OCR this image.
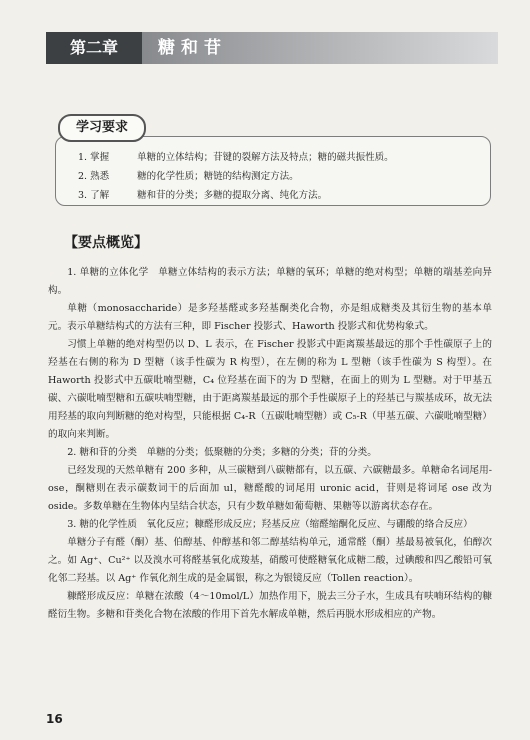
第二章	糖和苷
学习要求
1. 掌握	单糖的立体结构；苷键的裂解方法及特点；糖的磁共振性质。
2. 熟悉	糖的化学性质；糖链的结构测定方法。
3. 了解	糖和苷的分类；多糖的提取分离、纯化方法。
【要点概览】

1. 单糖的立体化学　单糖立体结构的表示方法；单糖的氧环；单糖的绝对构型；单糖的端基差向异构。

单糖（monosaccharide）是多羟基醛或多羟基酮类化合物，亦是组成糖类及其衍生物的基本单元。表示单糖结构式的方法有三种，即 Fischer 投影式、Haworth 投影式和优势构象式。

习惯上单糖的绝对构型仍以 D、L 表示，在 Fischer 投影式中距离羰基最远的那个手性碳原子上的羟基在右侧的称为 D 型糖（该手性碳为 R 构型），在左侧的称为 L 型糖（该手性碳为 S 构型）。在 Haworth 投影式中五碳吡喃型糖，C₄ 位羟基在面下的为 D 型糖，在面上的则为 L 型糖。对于甲基五碳、六碳吡喃型糖和五碳呋喃型糖，由于距离羰基最远的那个手性碳原子上的羟基已与羰基成环，故无法用羟基的取向判断糖的绝对构型，只能根据 C₄-R（五碳吡喃型糖）或 C₅-R（甲基五碳、六碳吡喃型糖）的取向来判断。

2. 糖和苷的分类　单糖的分类；低聚糖的分类；多糖的分类；苷的分类。

已经发现的天然单糖有 200 多种，从三碳糖到八碳糖都有，以五碳、六碳糖最多。单糖命名词尾用-ose，酮糖则在表示碳数词干的后面加 ul，糖醛酸的词尾用 uronic acid，苷则是将词尾 ose 改为 oside。多数单糖在生物体内呈结合状态，只有少数单糖如葡萄糖、果糖等以游离状态存在。

3. 糖的化学性质　氧化反应；糠醛形成反应；羟基反应（缩醛缩酮化反应、与硼酸的络合反应）

单糖分子有醛（酮）基、伯醇基、仲醇基和邻二醇基结构单元，通常醛（酮）基最易被氧化，伯醇次之。如 Ag⁺、Cu²⁺ 以及溴水可将醛基氧化成羧基，硝酸可使醛糖氧化成糖二酸，过碘酸和四乙酸铅可氧化邻二羟基。以 Ag⁺ 作氧化剂生成的是金属银，称之为银镜反应（Tollen reaction）。

糠醛形成反应：单糖在浓酸（4～10mol/L）加热作用下，脱去三分子水，生成具有呋喃环结构的糠醛衍生物。多糖和苷类化合物在浓酸的作用下首先水解成单糖，然后再脱水形成相应的产物。

16
